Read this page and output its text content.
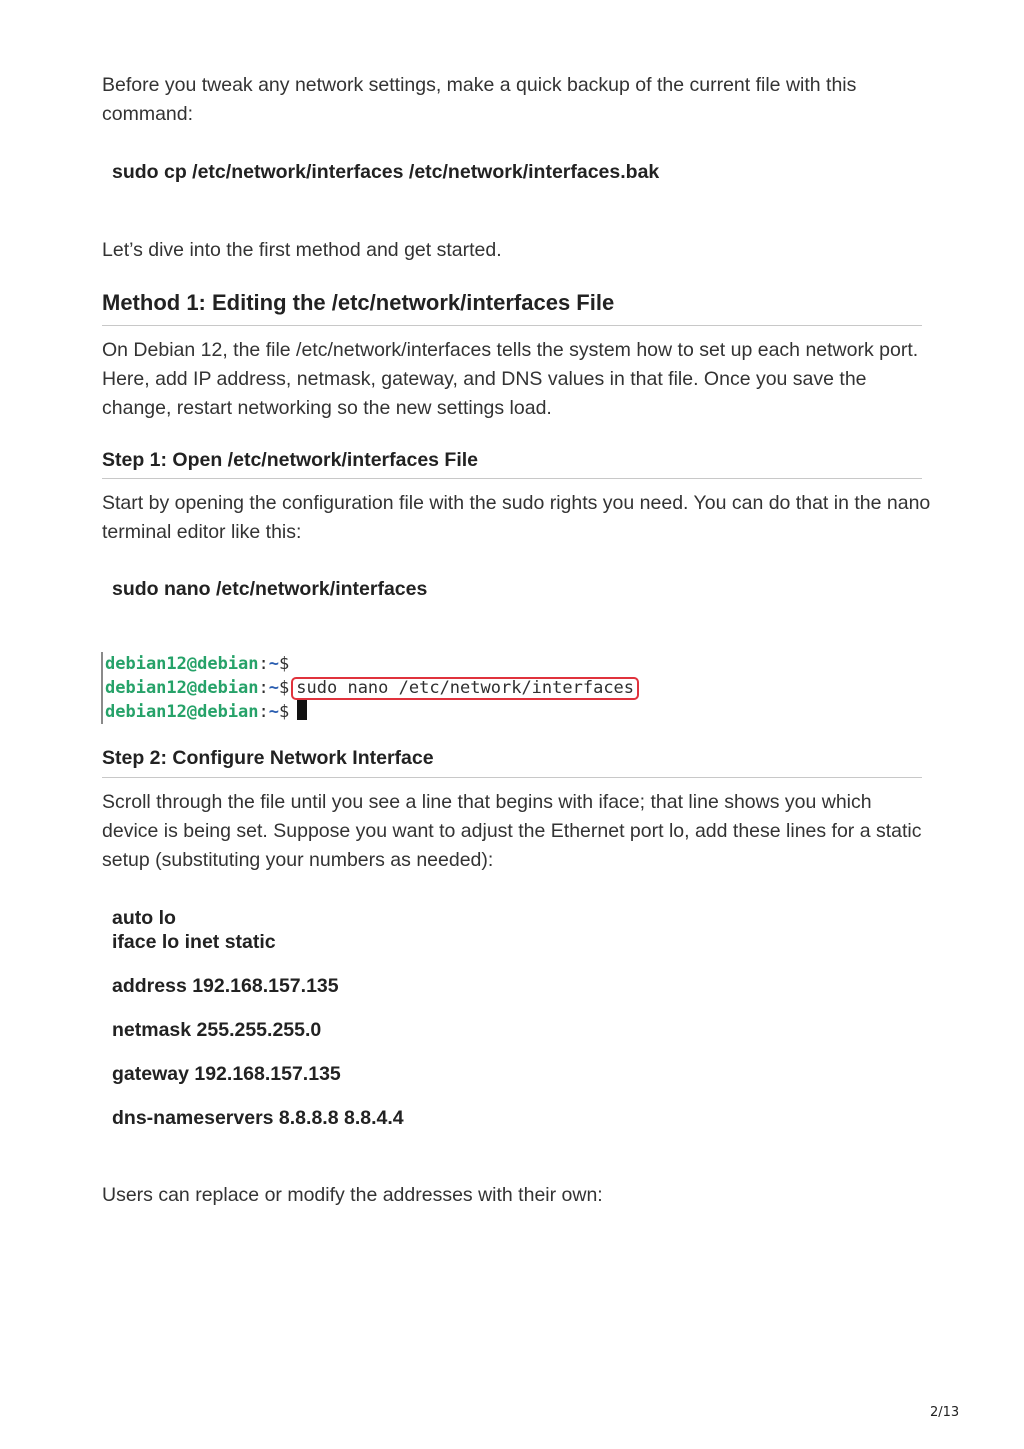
Before you tweak any network settings, make a quick backup of the current file with this command:

sudo cp /etc/network/interfaces /etc/network/interfaces.bak

Let’s dive into the first method and get started.

Method 1: Editing the /etc/network/interfaces File

On Debian 12, the file /etc/network/interfaces tells the system how to set up each network port. Here, add IP address, netmask, gateway, and DNS values in that file. Once you save the change, restart networking so the new settings load.

Step 1: Open /etc/network/interfaces File

Start by opening the configuration file with the sudo rights you need. You can do that in the nano terminal editor like this:

sudo nano /etc/network/interfaces

debian12@debian:~$
debian12@debian:~$ sudo nano /etc/network/interfaces
debian12@debian:~$
Step 2: Configure Network Interface

Scroll through the file until you see a line that begins with iface; that line shows you which device is being set. Suppose you want to adjust the Ethernet port lo, add these lines for a static setup (substituting your numbers as needed):

auto lo

iface lo inet static

address 192.168.157.135

netmask 255.255.255.0

gateway 192.168.157.135

dns-nameservers 8.8.8.8 8.8.4.4

Users can replace or modify the addresses with their own:

2/13
